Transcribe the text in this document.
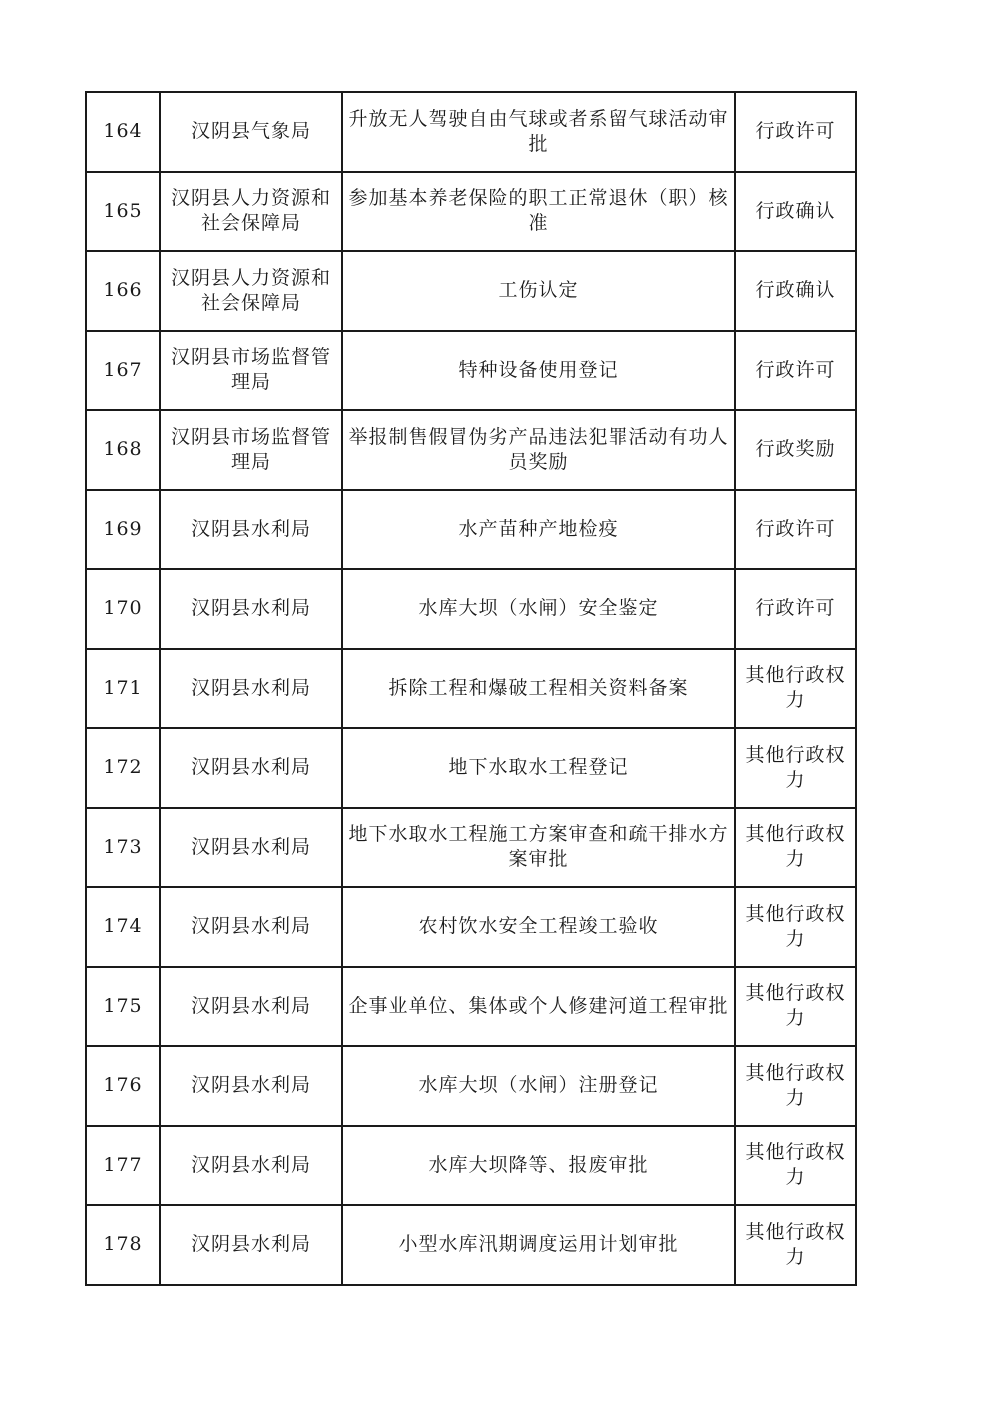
164	汉阴县气象局	升放无人驾驶自由气球或者系留气球活动审批	行政许可
165	汉阴县人力资源和社会保障局	参加基本养老保险的职工正常退休（职）核准	行政确认
166	汉阴县人力资源和社会保障局	工伤认定	行政确认
167	汉阴县市场监督管理局	特种设备使用登记	行政许可
168	汉阴县市场监督管理局	举报制售假冒伪劣产品违法犯罪活动有功人员奖励	行政奖励
169	汉阴县水利局	水产苗种产地检疫	行政许可
170	汉阴县水利局	水库大坝（水闸）安全鉴定	行政许可
171	汉阴县水利局	拆除工程和爆破工程相关资料备案	其他行政权力
172	汉阴县水利局	地下水取水工程登记	其他行政权力
173	汉阴县水利局	地下水取水工程施工方案审查和疏干排水方案审批	其他行政权力
174	汉阴县水利局	农村饮水安全工程竣工验收	其他行政权力
175	汉阴县水利局	企事业单位、集体或个人修建河道工程审批	其他行政权力
176	汉阴县水利局	水库大坝（水闸）注册登记	其他行政权力
177	汉阴县水利局	水库大坝降等、报废审批	其他行政权力
178	汉阴县水利局	小型水库汛期调度运用计划审批	其他行政权力
